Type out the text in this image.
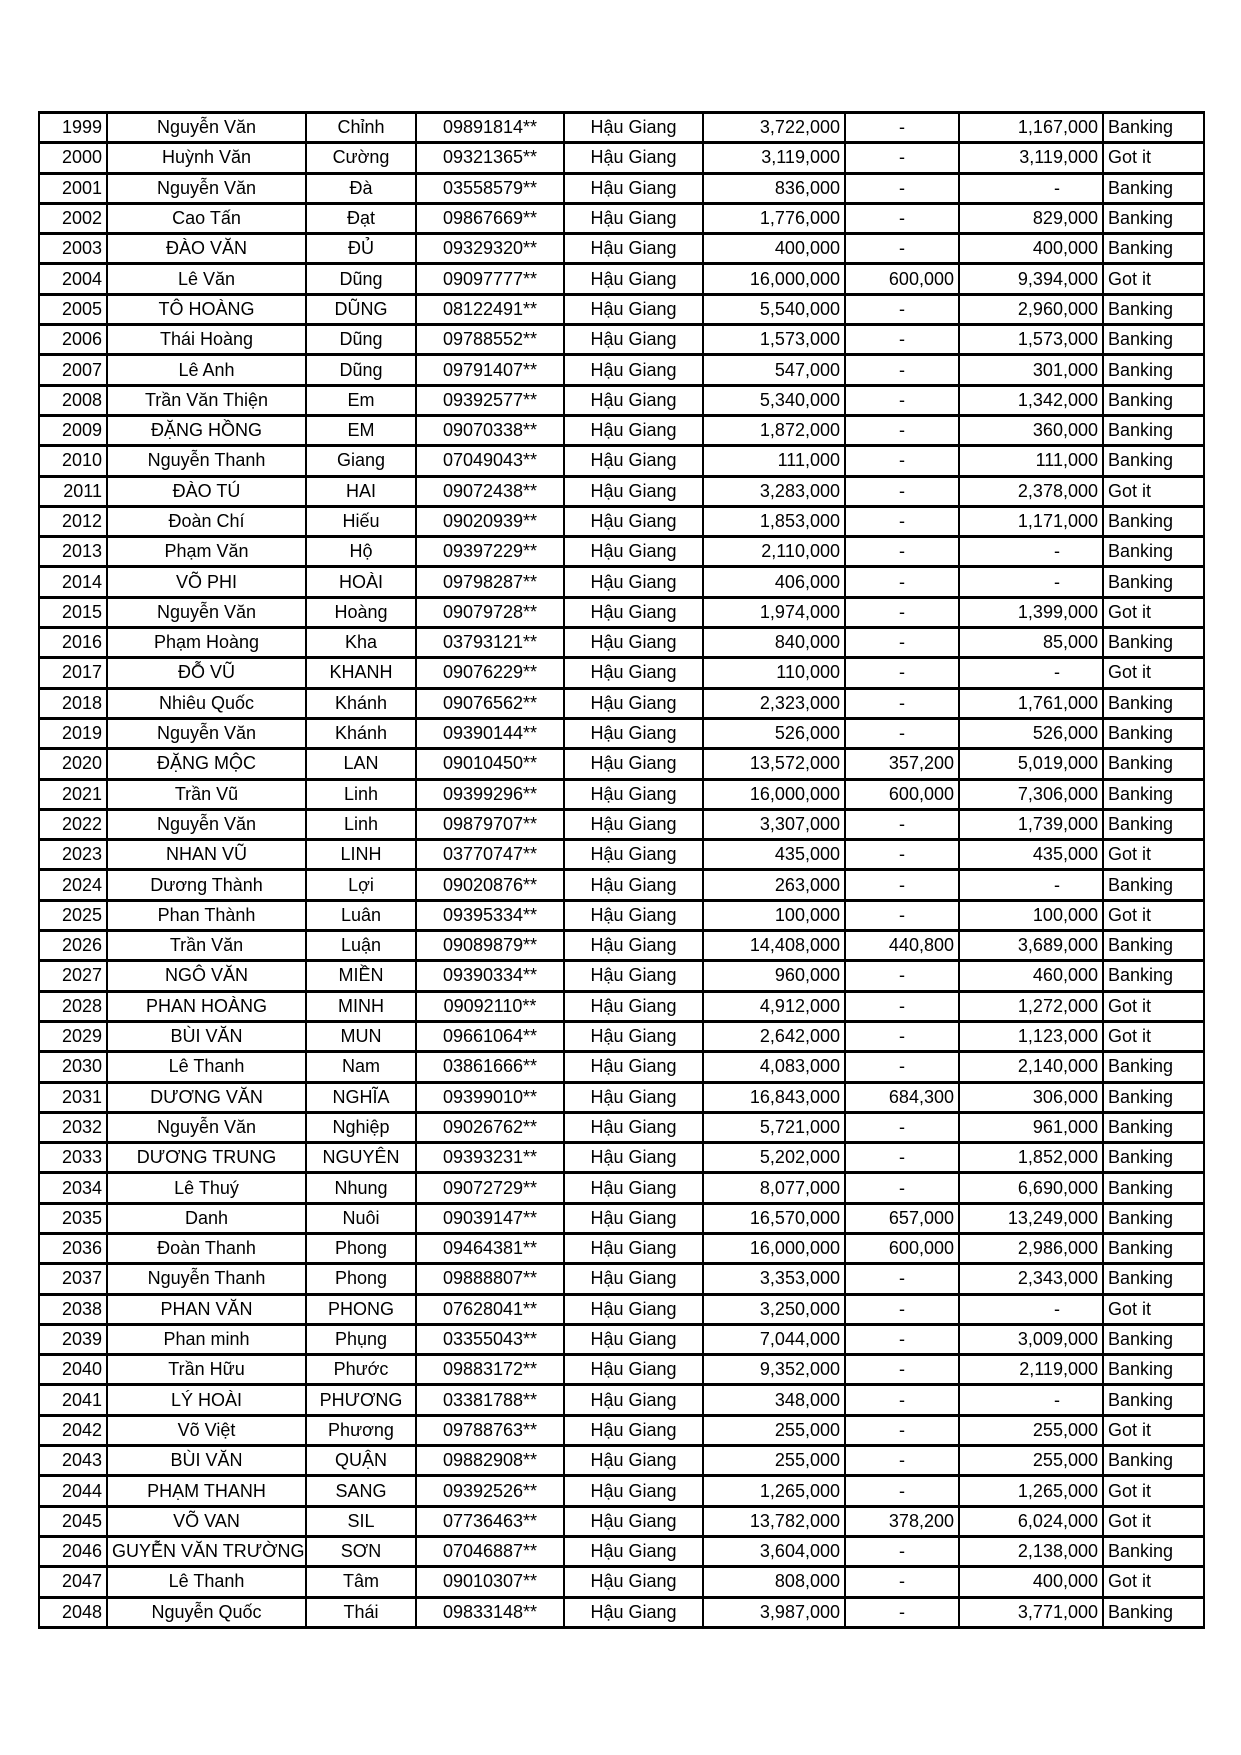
1999	Nguyễn Văn	Chỉnh	09891814**	Hậu Giang	3,722,000	-	1,167,000	Banking
2000	Huỳnh Văn	Cường	09321365**	Hậu Giang	3,119,000	-	3,119,000	Got it
2001	Nguyễn Văn	Đà	03558579**	Hậu Giang	836,000	-	-	Banking
2002	Cao Tấn	Đạt	09867669**	Hậu Giang	1,776,000	-	829,000	Banking
2003	ĐÀO VĂN	ĐỦ	09329320**	Hậu Giang	400,000	-	400,000	Banking
2004	Lê Văn	Dũng	09097777**	Hậu Giang	16,000,000	600,000	9,394,000	Got it
2005	TÔ HOÀNG	DŨNG	08122491**	Hậu Giang	5,540,000	-	2,960,000	Banking
2006	Thái Hoàng	Dũng	09788552**	Hậu Giang	1,573,000	-	1,573,000	Banking
2007	Lê Anh	Dũng	09791407**	Hậu Giang	547,000	-	301,000	Banking
2008	Trần Văn Thiện	Em	09392577**	Hậu Giang	5,340,000	-	1,342,000	Banking
2009	ĐẶNG HỒNG	EM	09070338**	Hậu Giang	1,872,000	-	360,000	Banking
2010	Nguyễn Thanh	Giang	07049043**	Hậu Giang	111,000	-	111,000	Banking
2011	ĐÀO TÚ	HAI	09072438**	Hậu Giang	3,283,000	-	2,378,000	Got it
2012	Đoàn Chí	Hiếu	09020939**	Hậu Giang	1,853,000	-	1,171,000	Banking
2013	Phạm Văn	Hộ	09397229**	Hậu Giang	2,110,000	-	-	Banking
2014	VÕ PHI	HOÀI	09798287**	Hậu Giang	406,000	-	-	Banking
2015	Nguyễn Văn	Hoàng	09079728**	Hậu Giang	1,974,000	-	1,399,000	Got it
2016	Phạm Hoàng	Kha	03793121**	Hậu Giang	840,000	-	85,000	Banking
2017	ĐỖ VŨ	KHANH	09076229**	Hậu Giang	110,000	-	-	Got it
2018	Nhiêu Quốc	Khánh	09076562**	Hậu Giang	2,323,000	-	1,761,000	Banking
2019	Nguyễn Văn	Khánh	09390144**	Hậu Giang	526,000	-	526,000	Banking
2020	ĐẶNG MỘC	LAN	09010450**	Hậu Giang	13,572,000	357,200	5,019,000	Banking
2021	Trần Vũ	Linh	09399296**	Hậu Giang	16,000,000	600,000	7,306,000	Banking
2022	Nguyễn Văn	Linh	09879707**	Hậu Giang	3,307,000	-	1,739,000	Banking
2023	NHAN VŨ	LINH	03770747**	Hậu Giang	435,000	-	435,000	Got it
2024	Dương Thành	Lợi	09020876**	Hậu Giang	263,000	-	-	Banking
2025	Phan Thành	Luân	09395334**	Hậu Giang	100,000	-	100,000	Got it
2026	Trần Văn	Luận	09089879**	Hậu Giang	14,408,000	440,800	3,689,000	Banking
2027	NGÔ VĂN	MIỀN	09390334**	Hậu Giang	960,000	-	460,000	Banking
2028	PHAN HOÀNG	MINH	09092110**	Hậu Giang	4,912,000	-	1,272,000	Got it
2029	BÙI VĂN	MUN	09661064**	Hậu Giang	2,642,000	-	1,123,000	Got it
2030	Lê Thanh	Nam	03861666**	Hậu Giang	4,083,000	-	2,140,000	Banking
2031	DƯƠNG VĂN	NGHĨA	09399010**	Hậu Giang	16,843,000	684,300	306,000	Banking
2032	Nguyễn Văn	Nghiệp	09026762**	Hậu Giang	5,721,000	-	961,000	Banking
2033	DƯƠNG TRUNG	NGUYÊN	09393231**	Hậu Giang	5,202,000	-	1,852,000	Banking
2034	Lê Thuý	Nhung	09072729**	Hậu Giang	8,077,000	-	6,690,000	Banking
2035	Danh	Nuôi	09039147**	Hậu Giang	16,570,000	657,000	13,249,000	Banking
2036	Đoàn Thanh	Phong	09464381**	Hậu Giang	16,000,000	600,000	2,986,000	Banking
2037	Nguyễn Thanh	Phong	09888807**	Hậu Giang	3,353,000	-	2,343,000	Banking
2038	PHAN VĂN	PHONG	07628041**	Hậu Giang	3,250,000	-	-	Got it
2039	Phan minh	Phụng	03355043**	Hậu Giang	7,044,000	-	3,009,000	Banking
2040	Trần Hữu	Phước	09883172**	Hậu Giang	9,352,000	-	2,119,000	Banking
2041	LÝ HOÀI	PHƯƠNG	03381788**	Hậu Giang	348,000	-	-	Banking
2042	Võ Việt	Phương	09788763**	Hậu Giang	255,000	-	255,000	Got it
2043	BÙI VĂN	QUẬN	09882908**	Hậu Giang	255,000	-	255,000	Banking
2044	PHẠM THANH	SANG	09392526**	Hậu Giang	1,265,000	-	1,265,000	Got it
2045	VÕ VAN	SIL	07736463**	Hậu Giang	13,782,000	378,200	6,024,000	Got it
2046	GUYỄN VĂN TRƯỜNG	SƠN	07046887**	Hậu Giang	3,604,000	-	2,138,000	Banking
2047	Lê Thanh	Tâm	09010307**	Hậu Giang	808,000	-	400,000	Got it
2048	Nguyễn Quốc	Thái	09833148**	Hậu Giang	3,987,000	-	3,771,000	Banking
